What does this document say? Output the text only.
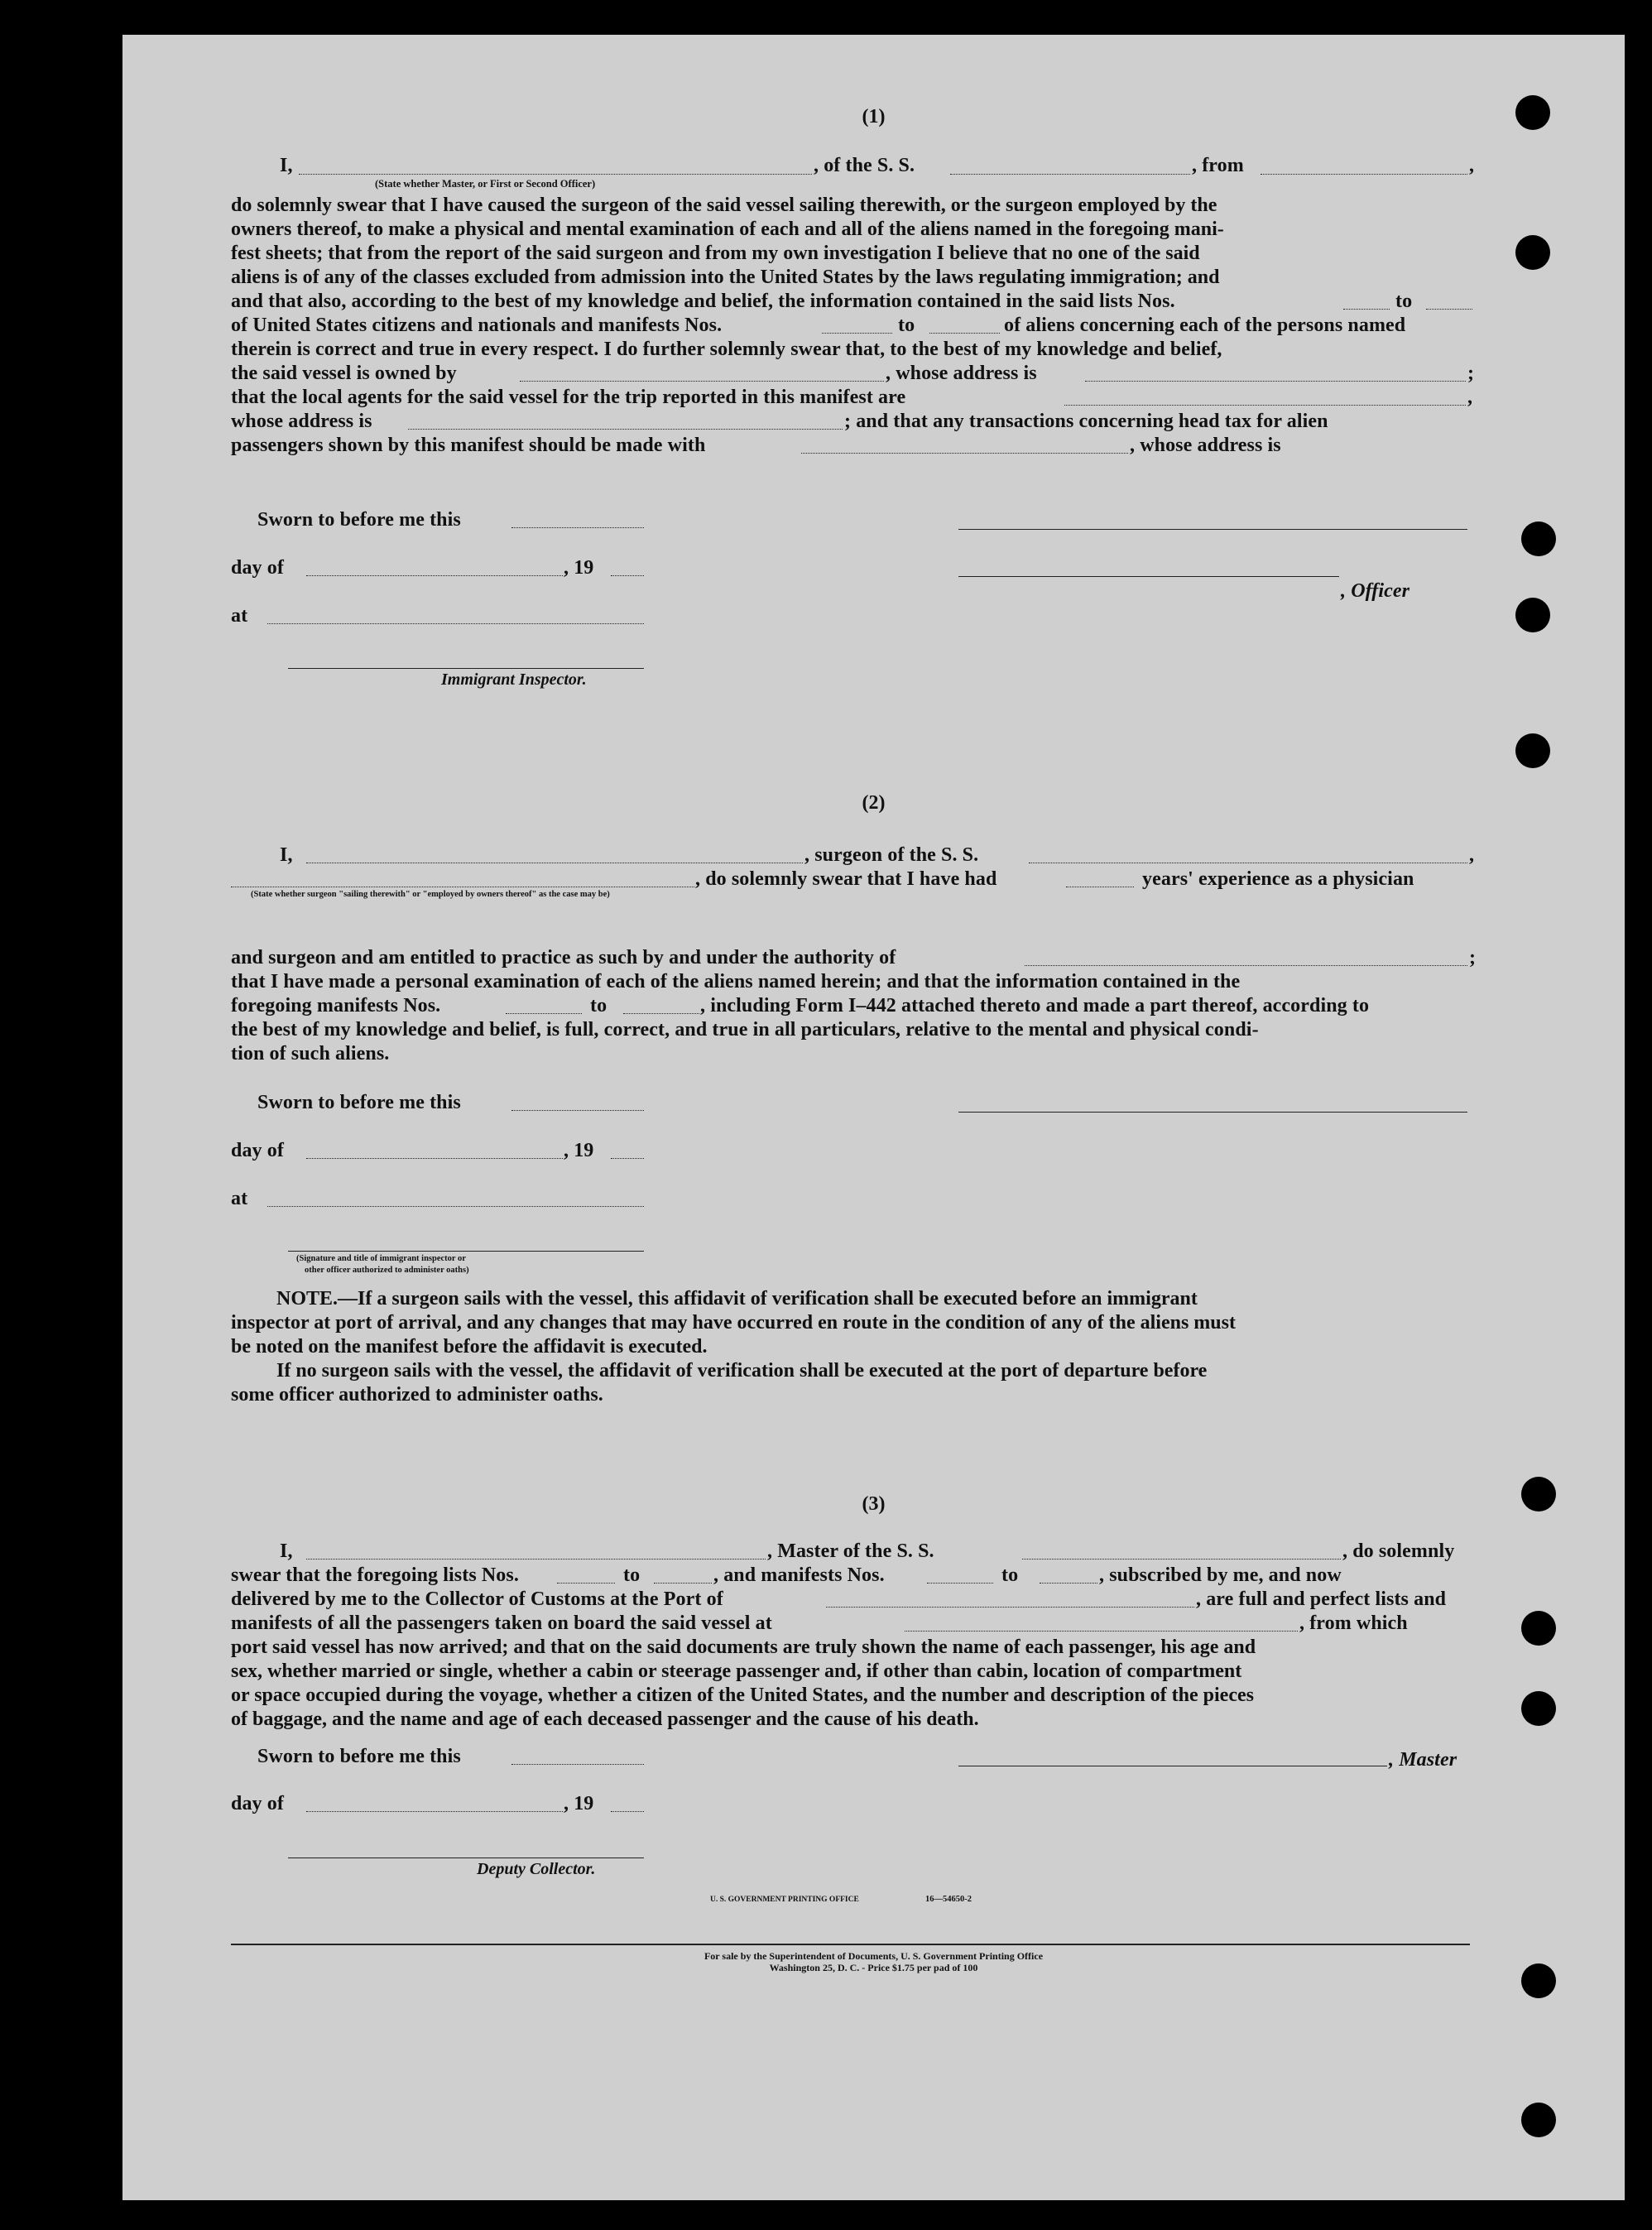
(1)
I,	, of the S. S.	, from	,
(State whether Master, or First or Second Officer)
do solemnly swear that I have caused the surgeon of the said vessel sailing therewith, or the surgeon employed by the
owners thereof, to make a physical and mental examination of each and all of the aliens named in the foregoing mani-
fest sheets; that from the report of the said surgeon and from my own investigation I believe that no one of the said
aliens is of any of the classes excluded from admission into the United States by the laws regulating immigration; and
and that also, according to the best of my knowledge and belief, the information contained in the said lists Nos.	to
of United States citizens and nationals and manifests Nos.	to	of aliens concerning each of the persons named
therein is correct and true in every respect. I do further solemnly swear that, to the best of my knowledge and belief,
the said vessel is owned by	, whose address is	;
that the local agents for the said vessel for the trip reported in this manifest are	,
whose address is	; and that any transactions concerning head tax for alien
passengers shown by this manifest should be made with	, whose address is
Sworn to before me this
day of	, 19
, Officer
at
Immigrant Inspector.
(2)
I,	, surgeon of the S. S.	,
, do solemnly swear that I have had	years' experience as a physician
(State whether surgeon "sailing therewith" or "employed by owners thereof" as the case may be)
and surgeon and am entitled to practice as such by and under the authority of	;
that I have made a personal examination of each of the aliens named herein; and that the information contained in the
foregoing manifests Nos.	to	, including Form I–442 attached thereto and made a part thereof, according to
the best of my knowledge and belief, is full, correct, and true in all particulars, relative to the mental and physical condi-
tion of such aliens.
Sworn to before me this
day of	, 19
at
(Signature and title of immigrant inspector or
other officer authorized to administer oaths)
NOTE.—If a surgeon sails with the vessel, this affidavit of verification shall be executed before an immigrant
inspector at port of arrival, and any changes that may have occurred en route in the condition of any of the aliens must
be noted on the manifest before the affidavit is executed.
If no surgeon sails with the vessel, the affidavit of verification shall be executed at the port of departure before
some officer authorized to administer oaths.
(3)
I,	, Master of the S. S.	, do solemnly
swear that the foregoing lists Nos.	to	, and manifests Nos.	to	, subscribed by me, and now
delivered by me to the Collector of Customs at the Port of	, are full and perfect lists and
manifests of all the passengers taken on board the said vessel at	, from which
port said vessel has now arrived; and that on the said documents are truly shown the name of each passenger, his age and
sex, whether married or single, whether a cabin or steerage passenger and, if other than cabin, location of compartment
or space occupied during the voyage, whether a citizen of the United States, and the number and description of the pieces
of baggage, and the name and age of each deceased passenger and the cause of his death.
Sworn to before me this	, Master
day of	, 19
Deputy Collector.
U. S. GOVERNMENT PRINTING OFFICE	16—54650-2
For sale by the Superintendent of Documents, U. S. Government Printing Office
Washington 25, D. C. - Price $1.75 per pad of 100
